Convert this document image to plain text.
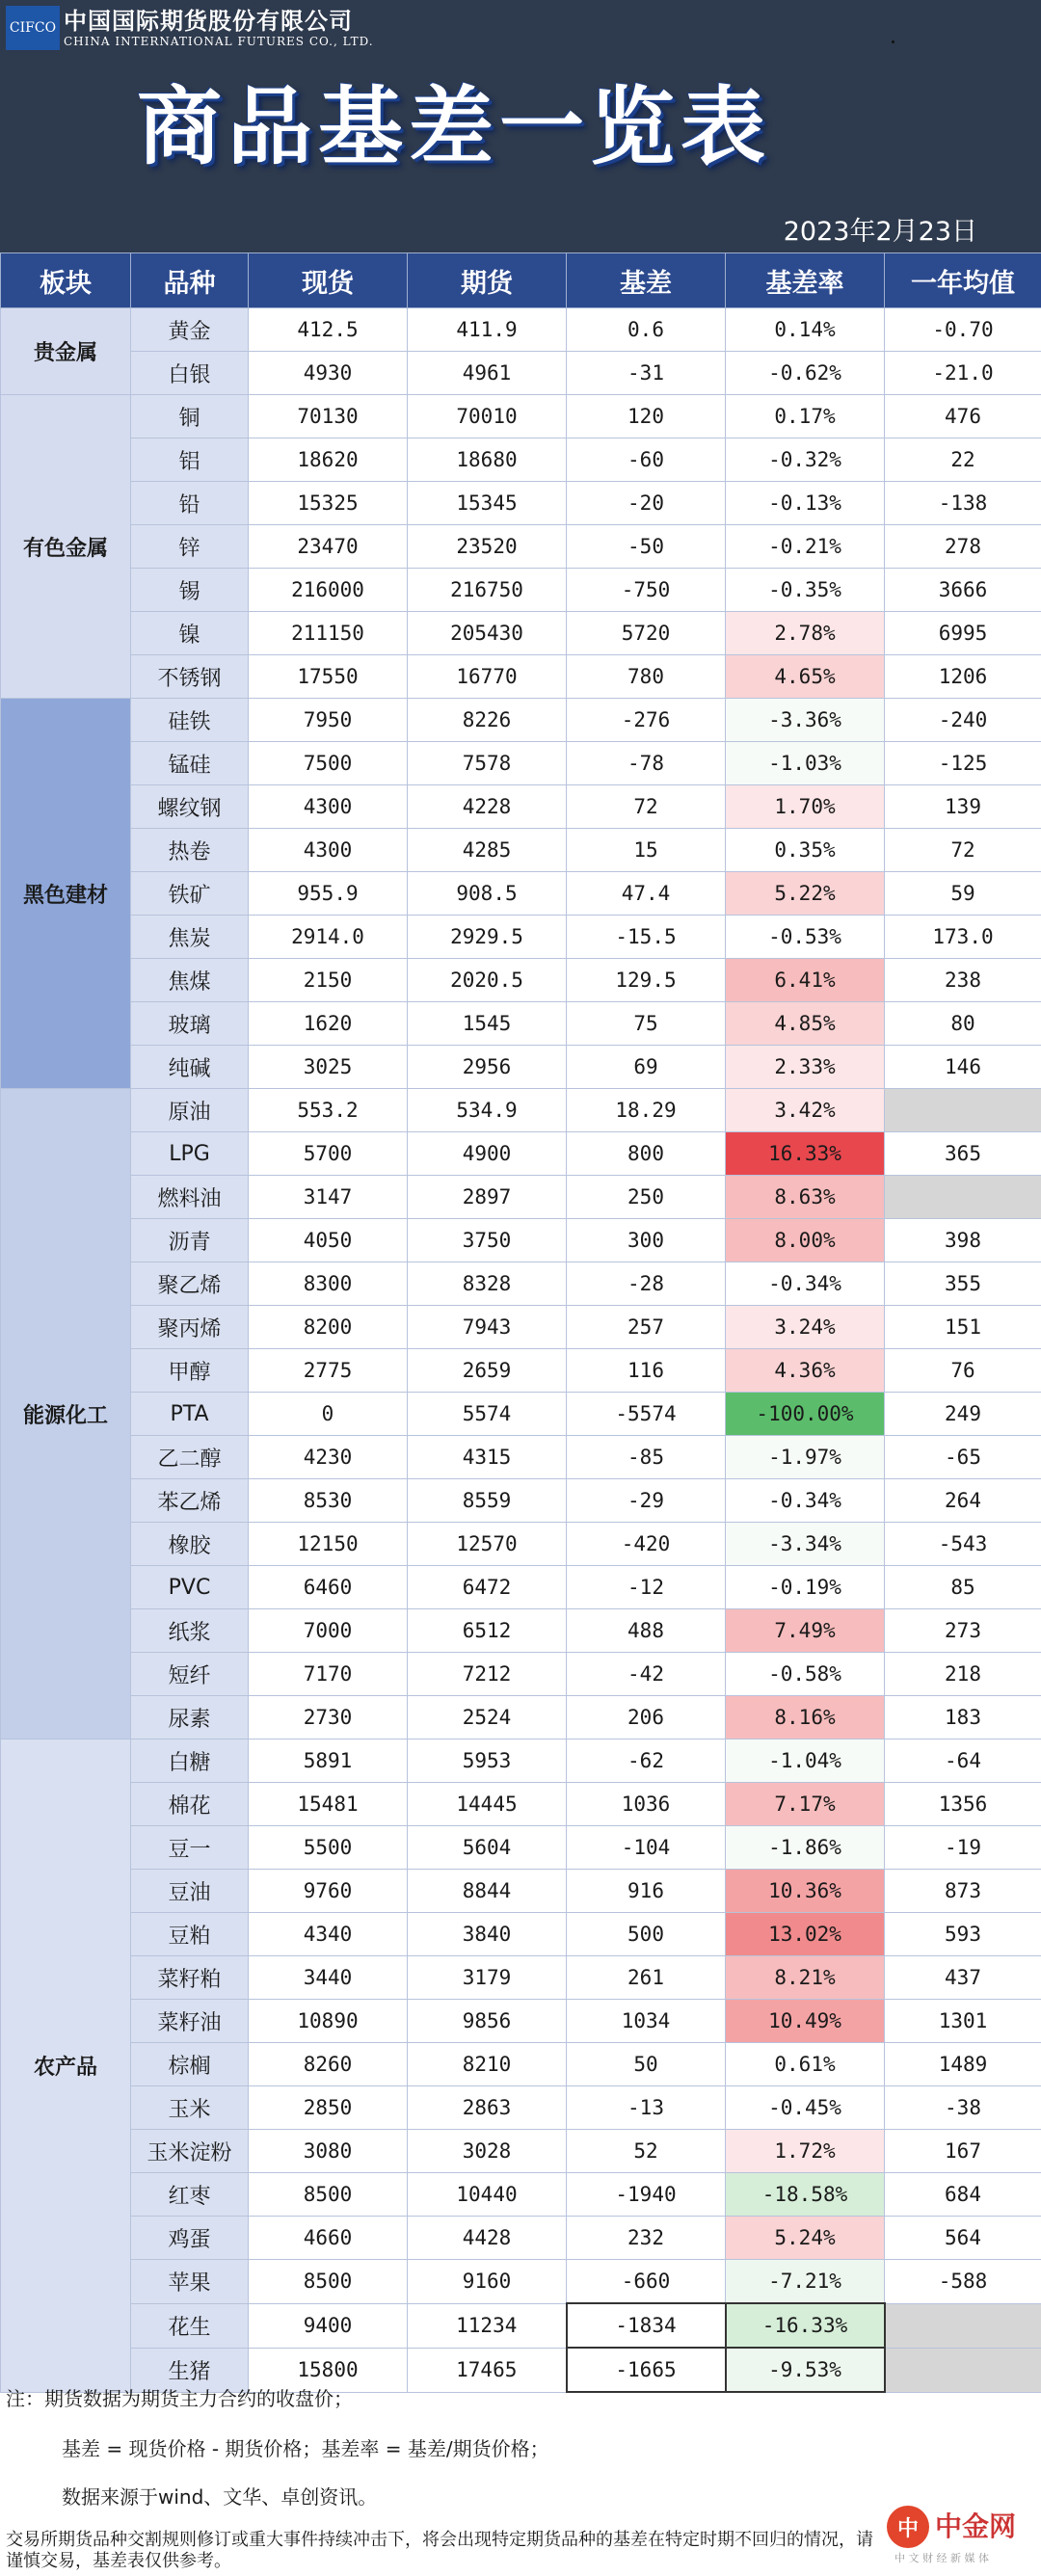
CIFCO 中国国际期货股份有限公司
CHINA INTERNATIONAL FUTURES CO., LTD.
商品基差一览表
2023年2月23日
板块	品种	现货	期货	基差	基差率	一年均值
贵金属	黄金	412.5	411.9	0.6	0.14%	-0.70
	白银	4930	4961	-31	-0.62%	-21.0
有色金属	铜	70130	70010	120	0.17%	476
	铝	18620	18680	-60	-0.32%	22
	铅	15325	15345	-20	-0.13%	-138
	锌	23470	23520	-50	-0.21%	278
	锡	216000	216750	-750	-0.35%	3666
	镍	211150	205430	5720	2.78%	6995
	不锈钢	17550	16770	780	4.65%	1206
黑色建材	硅铁	7950	8226	-276	-3.36%	-240
	锰硅	7500	7578	-78	-1.03%	-125
	螺纹钢	4300	4228	72	1.70%	139
	热卷	4300	4285	15	0.35%	72
	铁矿	955.9	908.5	47.4	5.22%	59
	焦炭	2914.0	2929.5	-15.5	-0.53%	173.0
	焦煤	2150	2020.5	129.5	6.41%	238
	玻璃	1620	1545	75	4.85%	80
	纯碱	3025	2956	69	2.33%	146
能源化工	原油	553.2	534.9	18.29	3.42%	
	LPG	5700	4900	800	16.33%	365
	燃料油	3147	2897	250	8.63%	
	沥青	4050	3750	300	8.00%	398
	聚乙烯	8300	8328	-28	-0.34%	355
	聚丙烯	8200	7943	257	3.24%	151
	甲醇	2775	2659	116	4.36%	76
	PTA	0	5574	-5574	-100.00%	249
	乙二醇	4230	4315	-85	-1.97%	-65
	苯乙烯	8530	8559	-29	-0.34%	264
	橡胶	12150	12570	-420	-3.34%	-543
	PVC	6460	6472	-12	-0.19%	85
	纸浆	7000	6512	488	7.49%	273
	短纤	7170	7212	-42	-0.58%	218
	尿素	2730	2524	206	8.16%	183
农产品	白糖	5891	5953	-62	-1.04%	-64
	棉花	15481	14445	1036	7.17%	1356
	豆一	5500	5604	-104	-1.86%	-19
	豆油	9760	8844	916	10.36%	873
	豆粕	4340	3840	500	13.02%	593
	菜籽粕	3440	3179	261	8.21%	437
	菜籽油	10890	9856	1034	10.49%	1301
	棕榈	8260	8210	50	0.61%	1489
	玉米	2850	2863	-13	-0.45%	-38
	玉米淀粉	3080	3028	52	1.72%	167
	红枣	8500	10440	-1940	-18.58%	684
	鸡蛋	4660	4428	232	5.24%	564
	苹果	8500	9160	-660	-7.21%	-588
	花生	9400	11234	-1834	-16.33%	
	生猪	15800	17465	-1665	-9.53%	
注：期货数据为期货主力合约的收盘价；
基差 = 现货价格 - 期货价格；基差率 = 基差/期货价格；
数据来源于wind、文华、卓创资讯。
交易所期货品种交割规则修订或重大事件持续冲击下，将会出现特定期货品种的基差在特定时期不回归的情况，请谨慎交易，基差表仅供参考。
中 中金网
中 文 财 经 新 媒 体
